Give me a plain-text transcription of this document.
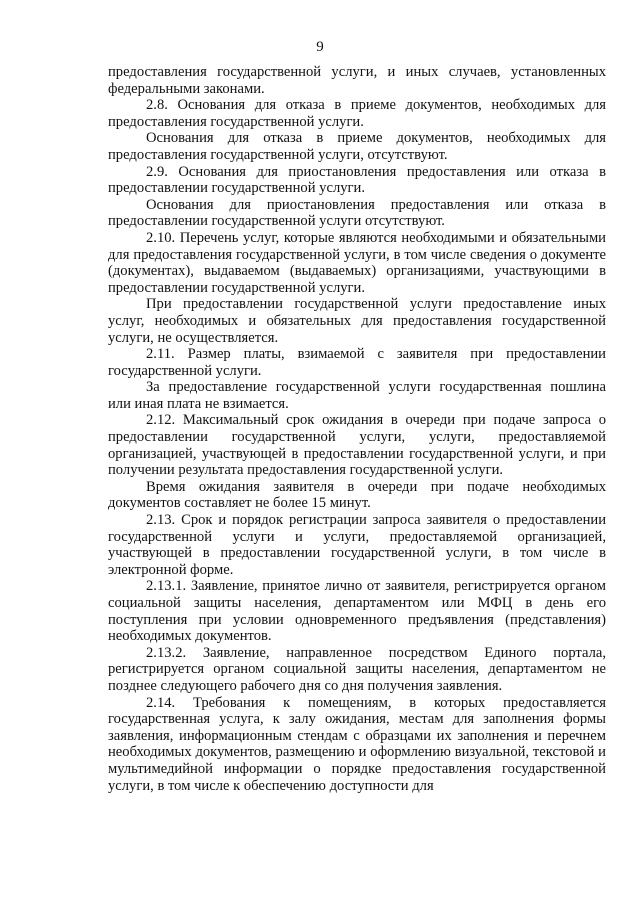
9

предоставления государственной услуги, и иных случаев, установленных федеральными законами.

2.8. Основания для отказа в приеме документов, необходимых для предоставления государственной услуги.

Основания для отказа в приеме документов, необходимых для предоставления государственной услуги, отсутствуют.

2.9. Основания для приостановления предоставления или отказа в предоставлении государственной услуги.

Основания для приостановления предоставления или отказа в предоставлении государственной услуги отсутствуют.

2.10. Перечень услуг, которые являются необходимыми и обязательными для предоставления государственной услуги, в том числе сведения о документе (документах), выдаваемом (выдаваемых) организациями, участвующими в предоставлении государственной услуги.

При предоставлении государственной услуги предоставление иных услуг, необходимых и обязательных для предоставления государственной услуги, не осуществляется.

2.11. Размер платы, взимаемой с заявителя при предоставлении государственной услуги.

За предоставление государственной услуги государственная пошлина или иная плата не взимается.

2.12. Максимальный срок ожидания в очереди при подаче запроса о предоставлении государственной услуги, услуги, предоставляемой организацией, участвующей в предоставлении государственной услуги, и при получении результата предоставления государственной услуги.

Время ожидания заявителя в очереди при подаче необходимых документов составляет не более 15 минут.

2.13. Срок и порядок регистрации запроса заявителя о предоставлении государственной услуги и услуги, предоставляемой организацией, участвующей в предоставлении государственной услуги, в том числе в электронной форме.

2.13.1. Заявление, принятое лично от заявителя, регистрируется органом социальной защиты населения, департаментом или МФЦ в день его поступления при условии одновременного предъявления (представления) необходимых документов.

2.13.2. Заявление, направленное посредством Единого портала, регистрируется органом социальной защиты населения, департаментом не позднее следующего рабочего дня со дня получения заявления.

2.14. Требования к помещениям, в которых предоставляется государственная услуга, к залу ожидания, местам для заполнения формы заявления, информационным стендам с образцами их заполнения и перечнем необходимых документов, размещению и оформлению визуальной, текстовой и мультимедийной информации о порядке предоставления государственной услуги, в том числе к обеспечению доступности для
